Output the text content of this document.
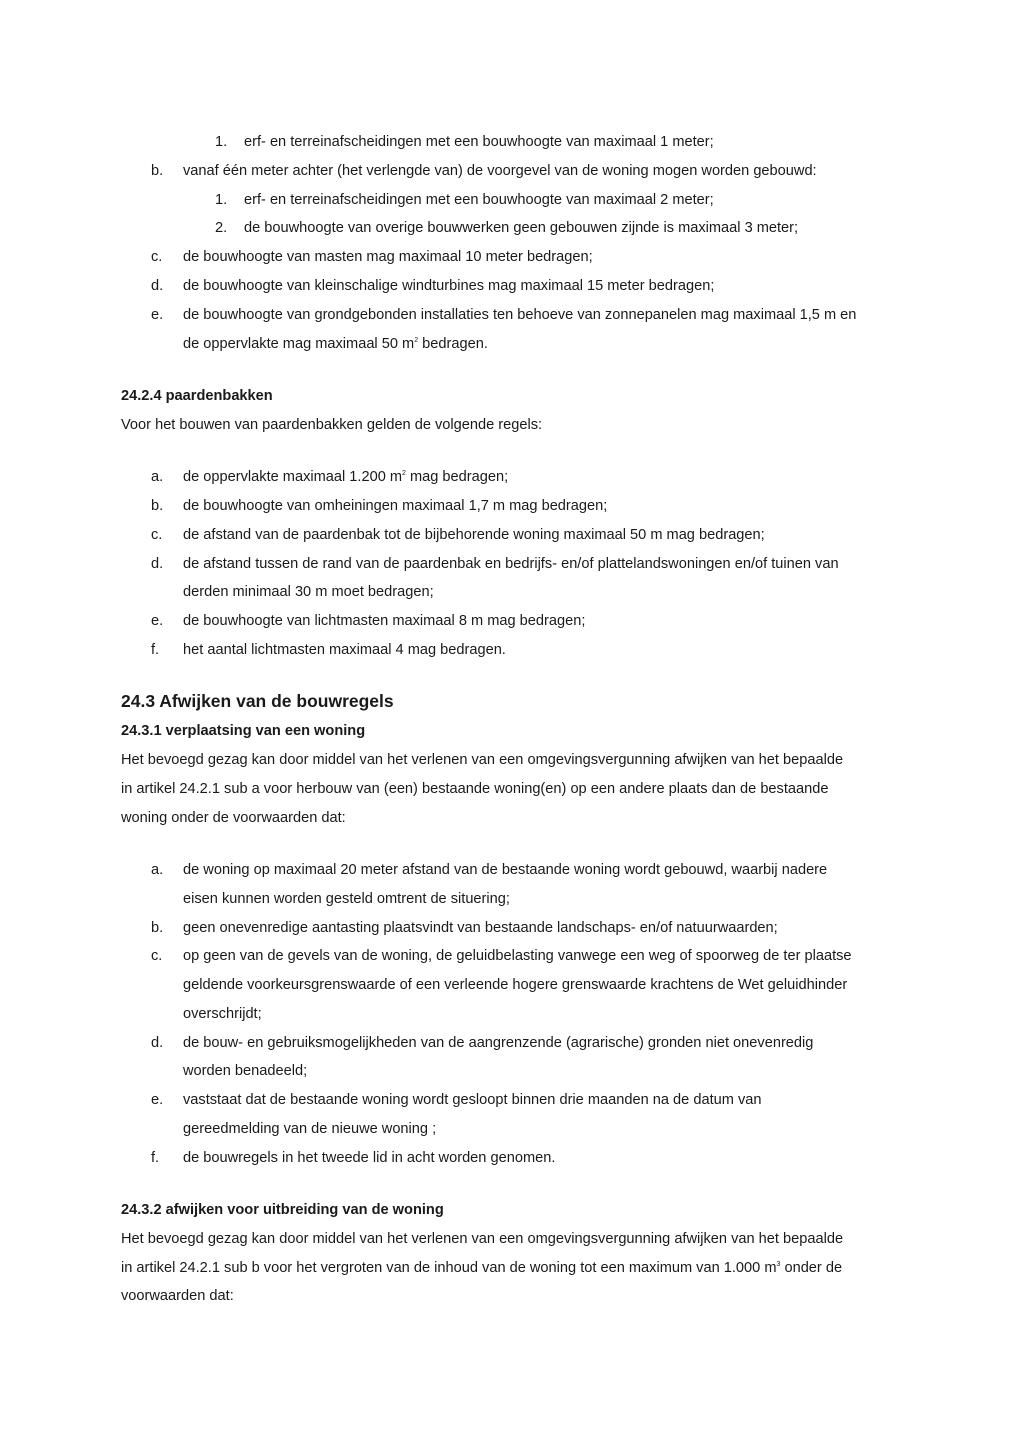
1. erf- en terreinafscheidingen met een bouwhoogte van maximaal 1 meter;
b. vanaf één meter achter (het verlengde van) de voorgevel van de woning mogen worden gebouwd:
1. erf- en terreinafscheidingen met een bouwhoogte van maximaal 2 meter;
2. de bouwhoogte van overige bouwwerken geen gebouwen zijnde is maximaal 3 meter;
c. de bouwhoogte van masten mag maximaal 10 meter bedragen;
d. de bouwhoogte van kleinschalige windturbines mag maximaal 15 meter bedragen;
e. de bouwhoogte van grondgebonden installaties ten behoeve van zonnepanelen mag maximaal 1,5 m en
de oppervlakte mag maximaal 50 $m^2$ bedragen.
24.2.4 paardenbakken
Voor het bouwen van paardenbakken gelden de volgende regels:
a. de oppervlakte maximaal 1.200 $m^2$ mag bedragen;
b. de bouwhoogte van omheiningen maximaal 1,7 m mag bedragen;
c. de afstand van de paardenbak tot de bijbehorende woning maximaal 50 m mag bedragen;
d. de afstand tussen de rand van de paardenbak en bedrijfs- en/of plattelandswoningen en/of tuinen van
derden minimaal 30 m moet bedragen;
e. de bouwhoogte van lichtmasten maximaal 8 m mag bedragen;
f. het aantal lichtmasten maximaal 4 mag bedragen.
24.3 Afwijken van de bouwregels
24.3.1 verplaatsing van een woning
Het bevoegd gezag kan door middel van het verlenen van een omgevingsvergunning afwijken van het bepaalde
in artikel 24.2.1 sub a voor herbouw van (een) bestaande woning(en) op een andere plaats dan de bestaande
woning onder de voorwaarden dat:
a. de woning op maximaal 20 meter afstand van de bestaande woning wordt gebouwd, waarbij nadere
eisen kunnen worden gesteld omtrent de situering;
b. geen onevenredige aantasting plaatsvindt van bestaande landschaps- en/of natuurwaarden;
c. op geen van de gevels van de woning, de geluidbelasting vanwege een weg of spoorweg de ter plaatse
geldende voorkeursgrenswaarde of een verleende hogere grenswaarde krachtens de Wet geluidhinder
overschrijdt;
d. de bouw- en gebruiksmogelijkheden van de aangrenzende (agrarische) gronden niet onevenredig
worden benadeeld;
e. vaststaat dat de bestaande woning wordt gesloopt binnen drie maanden na de datum van
gereedmelding van de nieuwe woning ;
f. de bouwregels in het tweede lid in acht worden genomen.
24.3.2 afwijken voor uitbreiding van de woning
Het bevoegd gezag kan door middel van het verlenen van een omgevingsvergunning afwijken van het bepaalde
in artikel 24.2.1 sub b voor het vergroten van de inhoud van de woning tot een maximum van 1.000 $m^3$ onder de
voorwaarden dat:
